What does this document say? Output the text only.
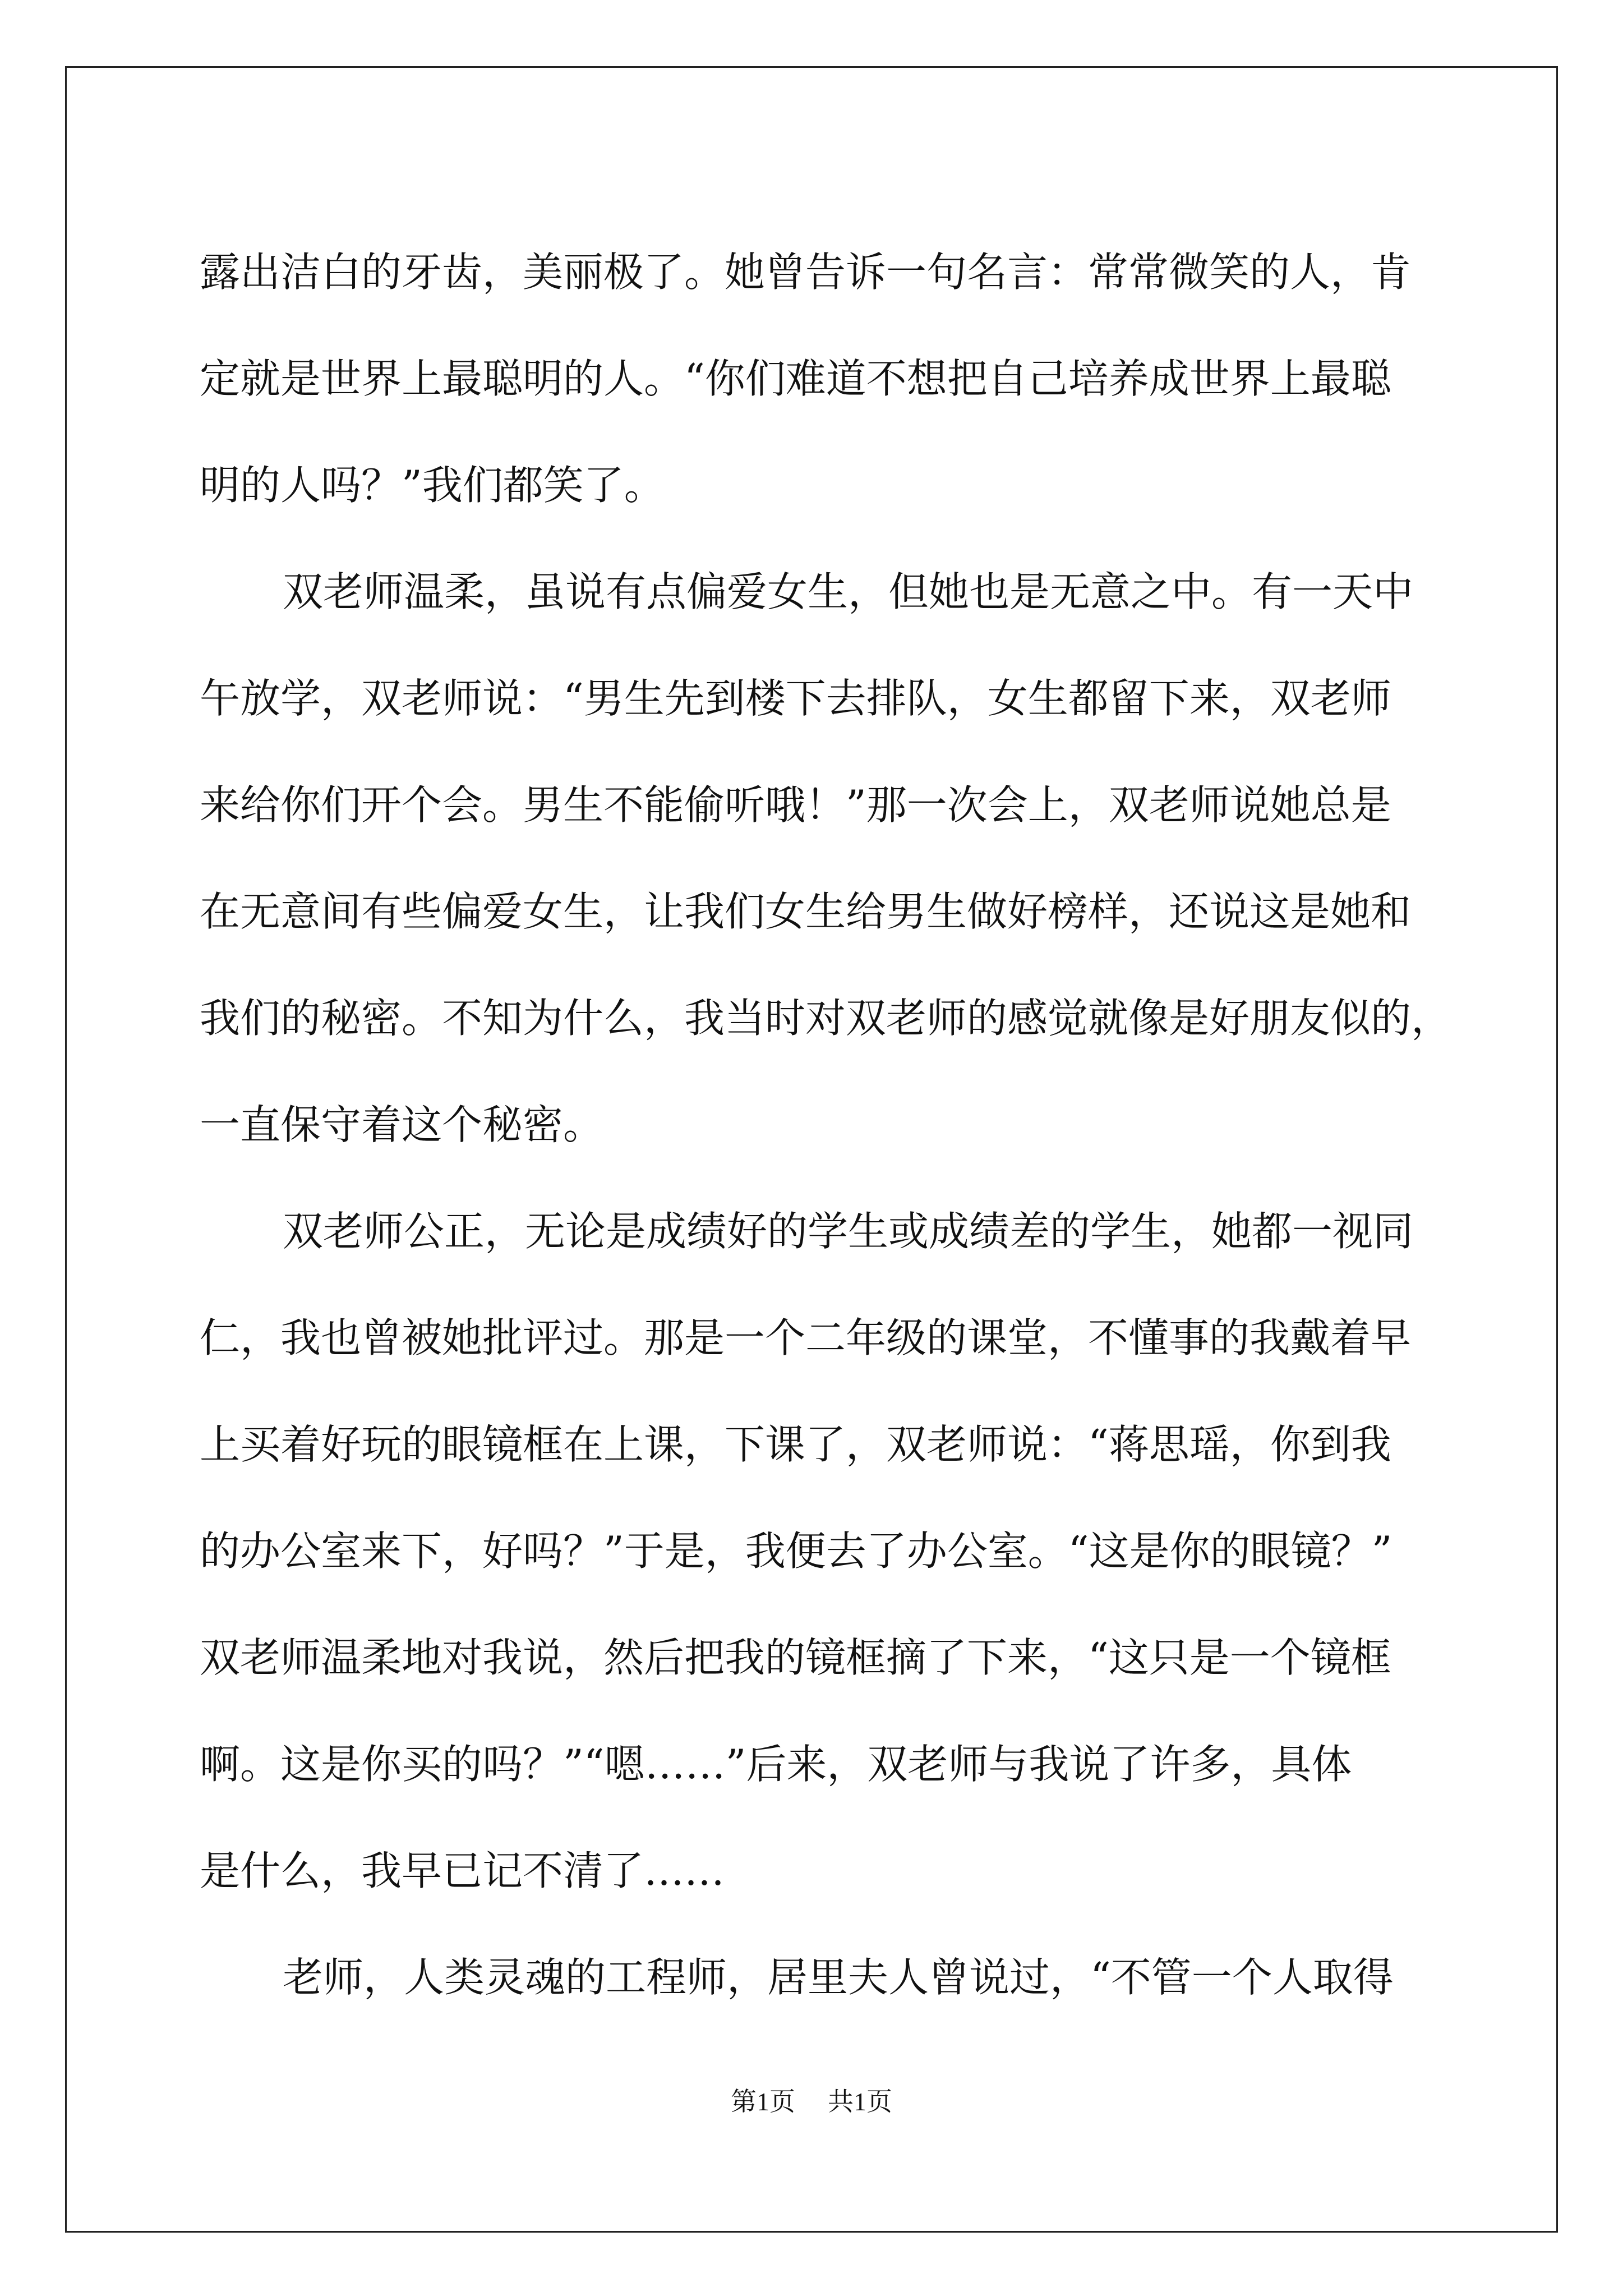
露出洁白的牙齿，美丽极了。她曾告诉一句名言：常常微笑的人，肯
定就是世界上最聪明的人。“你们难道不想把自己培养成世界上最聪
明的人吗？”我们都笑了。
双老师温柔，虽说有点偏爱女生，但她也是无意之中。有一天中
午放学，双老师说：“男生先到楼下去排队，女生都留下来，双老师
来给你们开个会。男生不能偷听哦！”那一次会上，双老师说她总是
在无意间有些偏爱女生，让我们女生给男生做好榜样，还说这是她和
我们的秘密。不知为什么，我当时对双老师的感觉就像是好朋友似的，
一直保守着这个秘密。
双老师公正，无论是成绩好的学生或成绩差的学生，她都一视同
仁，我也曾被她批评过。那是一个二年级的课堂，不懂事的我戴着早
上买着好玩的眼镜框在上课，下课了，双老师说：“蒋思瑶，你到我
的办公室来下，好吗？”于是，我便去了办公室。“这是你的眼镜？”
双老师温柔地对我说，然后把我的镜框摘了下来，“这只是一个镜框
啊。这是你买的吗？”“嗯……”后来，双老师与我说了许多，具体
是什么，我早已记不清了……
老师，人类灵魂的工程师，居里夫人曾说过，“不管一个人取得
第1页 共1页
